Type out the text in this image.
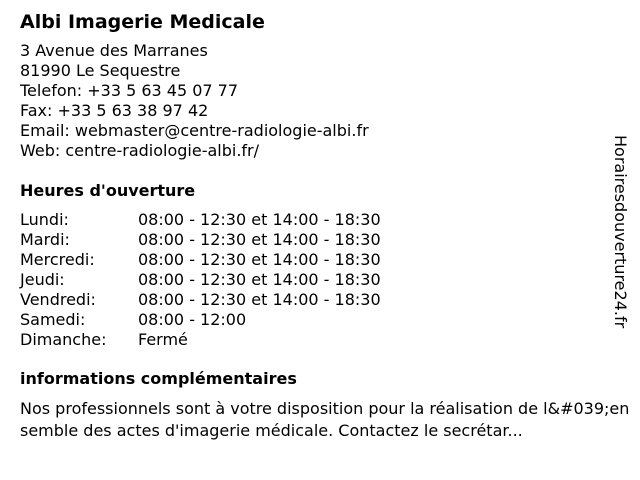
Albi Imagerie Medicale
3 Avenue des Marranes
81990 Le Sequestre
Telefon: +33 5 63 45 07 77
Fax: +33 5 63 38 97 42
Email: webmaster@centre-radiologie-albi.fr
Web: centre-radiologie-albi.fr/
Heures d'ouverture
Lundi:	08:00 - 12:30 et 14:00 - 18:30
Mardi:	08:00 - 12:30 et 14:00 - 18:30
Mercredi:	08:00 - 12:30 et 14:00 - 18:30
Jeudi:	08:00 - 12:30 et 14:00 - 18:30
Vendredi:	08:00 - 12:30 et 14:00 - 18:30
Samedi:	08:00 - 12:00
Dimanche:	Fermé
informations complémentaires

Nos professionnels sont à votre disposition pour la réalisation de l&#039;ensemble des actes d'imagerie médicale. Contactez le secrétar...

Horairesdouverture24.fr
